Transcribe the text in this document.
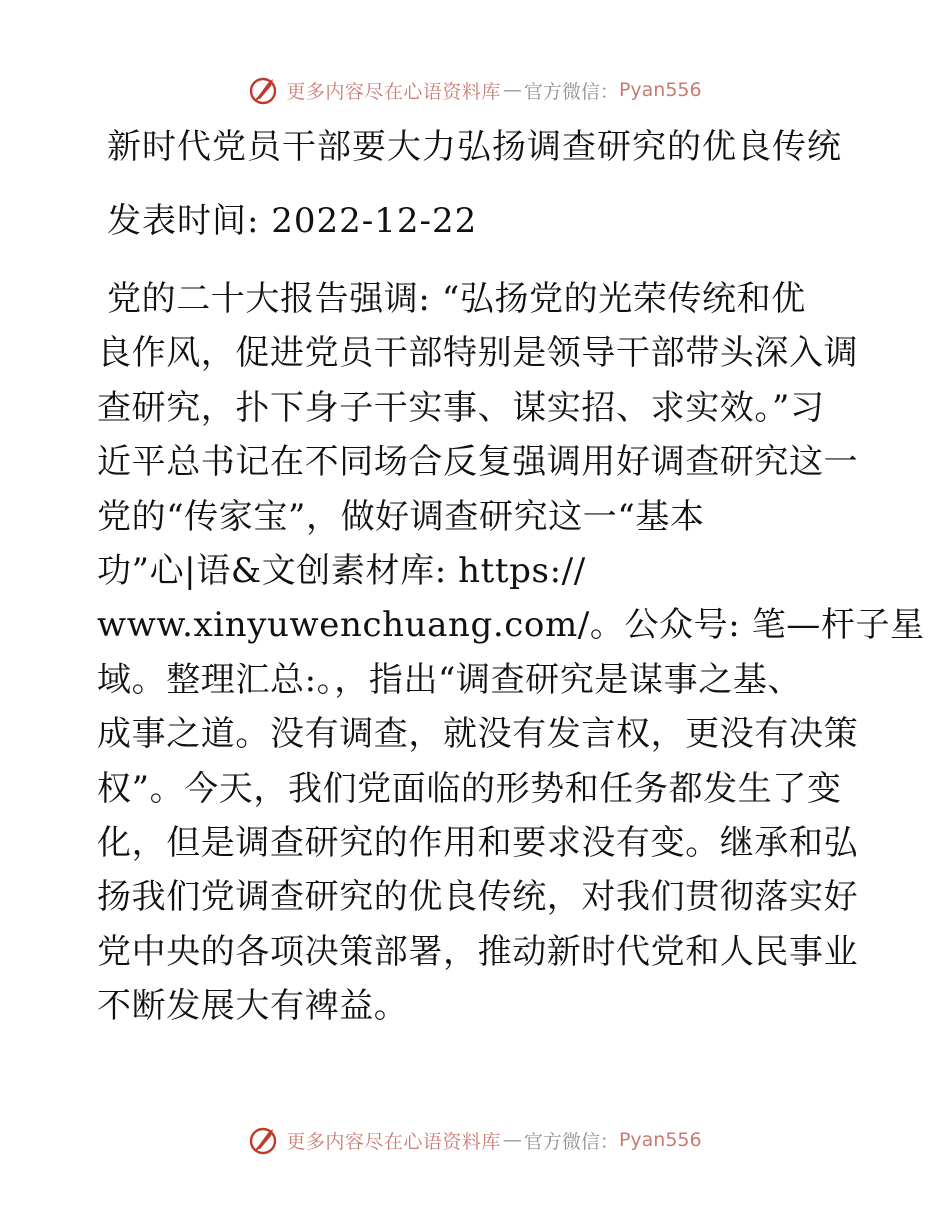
更多内容尽在心语资料库 — 官方微信： Pyan556
新时代党员干部要大力弘扬调查研究的优良传统
发表时间: 2022-12-22
党的二十大报告强调: “弘扬党的光荣传统和优
良作风，促进党员干部特别是领导干部带头深入调
查研究，扑下身子干实事、谋实招、求实效。”习
近平总书记在不同场合反复强调用好调查研究这一
党的“传家宝”，做好调查研究这一“基本
功”心|语&文创素材库: https://
www.xinyuwenchuang.com/。公众号: 笔—杆子星
域。整理汇总:。，指出“调查研究是谋事之基、
成事之道。没有调查，就没有发言权，更没有决策
权”。今天，我们党面临的形势和任务都发生了变
化，但是调查研究的作用和要求没有变。继承和弘
扬我们党调查研究的优良传统，对我们贯彻落实好
党中央的各项决策部署，推动新时代党和人民事业
不断发展大有裨益。
更多内容尽在心语资料库 — 官方微信： Pyan556
